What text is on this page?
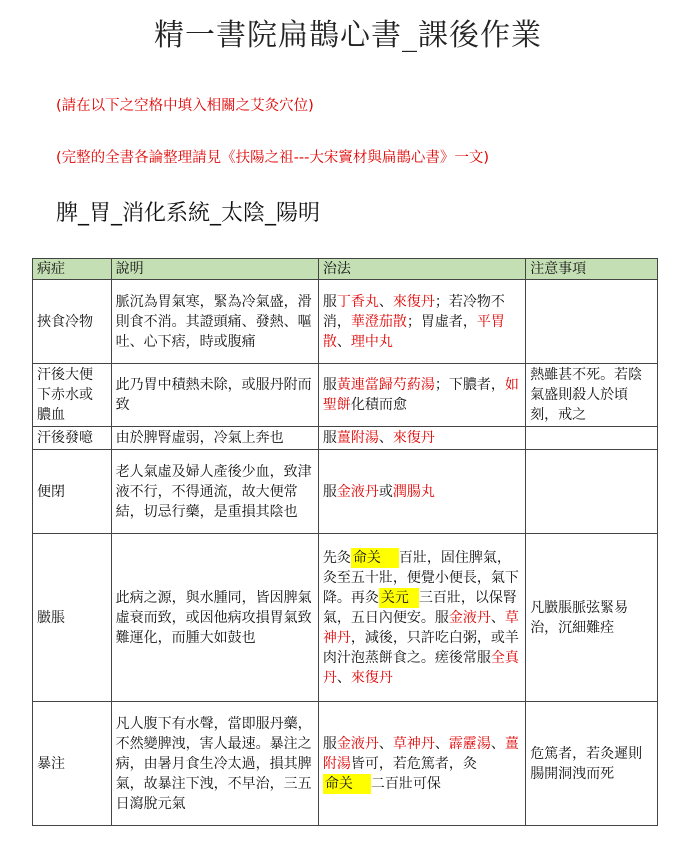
精一書院扁鵲心書_課後作業
(請在以下之空格中填入相關之艾灸穴位)
(完整的全書各論整理請見《扶陽之祖---大宋竇材與扁鵲心書》一文)
脾_胃_消化系統_太陰_陽明
病症	說明	治法	注意事項
挾食冷物	脈沉為胃氣寒，緊為冷氣盛，滑則食不消。其證頭痛、發熱、嘔吐、心下痞，時或腹痛	服丁香丸、來復丹；若冷物不消，華澄茄散；胃虛者，平胃散、理中丸	
汗後大便下赤水或膿血	此乃胃中積熱未除，或服丹附而致	服黃連當歸芍葯湯；下膿者，如聖餅化積而愈	熱雖甚不死。若陰氣盛則殺人於頃刻，戒之
汗後發噫	由於脾腎虛弱，冷氣上奔也	服薑附湯、來復丹	
便閉	老人氣虛及婦人產後少血，致津液不行，不得通流，故大便常結，切忌行藥，是重損其陰也	服金液丹或潤腸丸	
臌脹	此病之源，與水腫同，皆因脾氣虛衰而致，或因他病攻損胃氣致難運化，而腫大如鼓也	先灸 命关 百壯，固住脾氣，灸至五十壯，便覺小便長，氣下降。再灸 关元 三百壯，以保腎氣，五日內便安。服金液丹、草神丹，減後，只許吃白粥，或羊肉汁泡蒸餅食之。瘥後常服全真丹、來復丹	凡臌脹脈弦緊易治，沉細難痊
暴注	凡人腹下有水聲，當即服丹藥，不然變脾洩，害人最速。暴注之病，由暑月食生冷太過，損其脾氣，故暴注下洩，不早治，三五日瀉脫元氣	服金液丹、草神丹、霹靂湯、薑附湯皆可，若危篤者，灸命关 二百壯可保	危篤者，若灸遲則腸開洞洩而死
